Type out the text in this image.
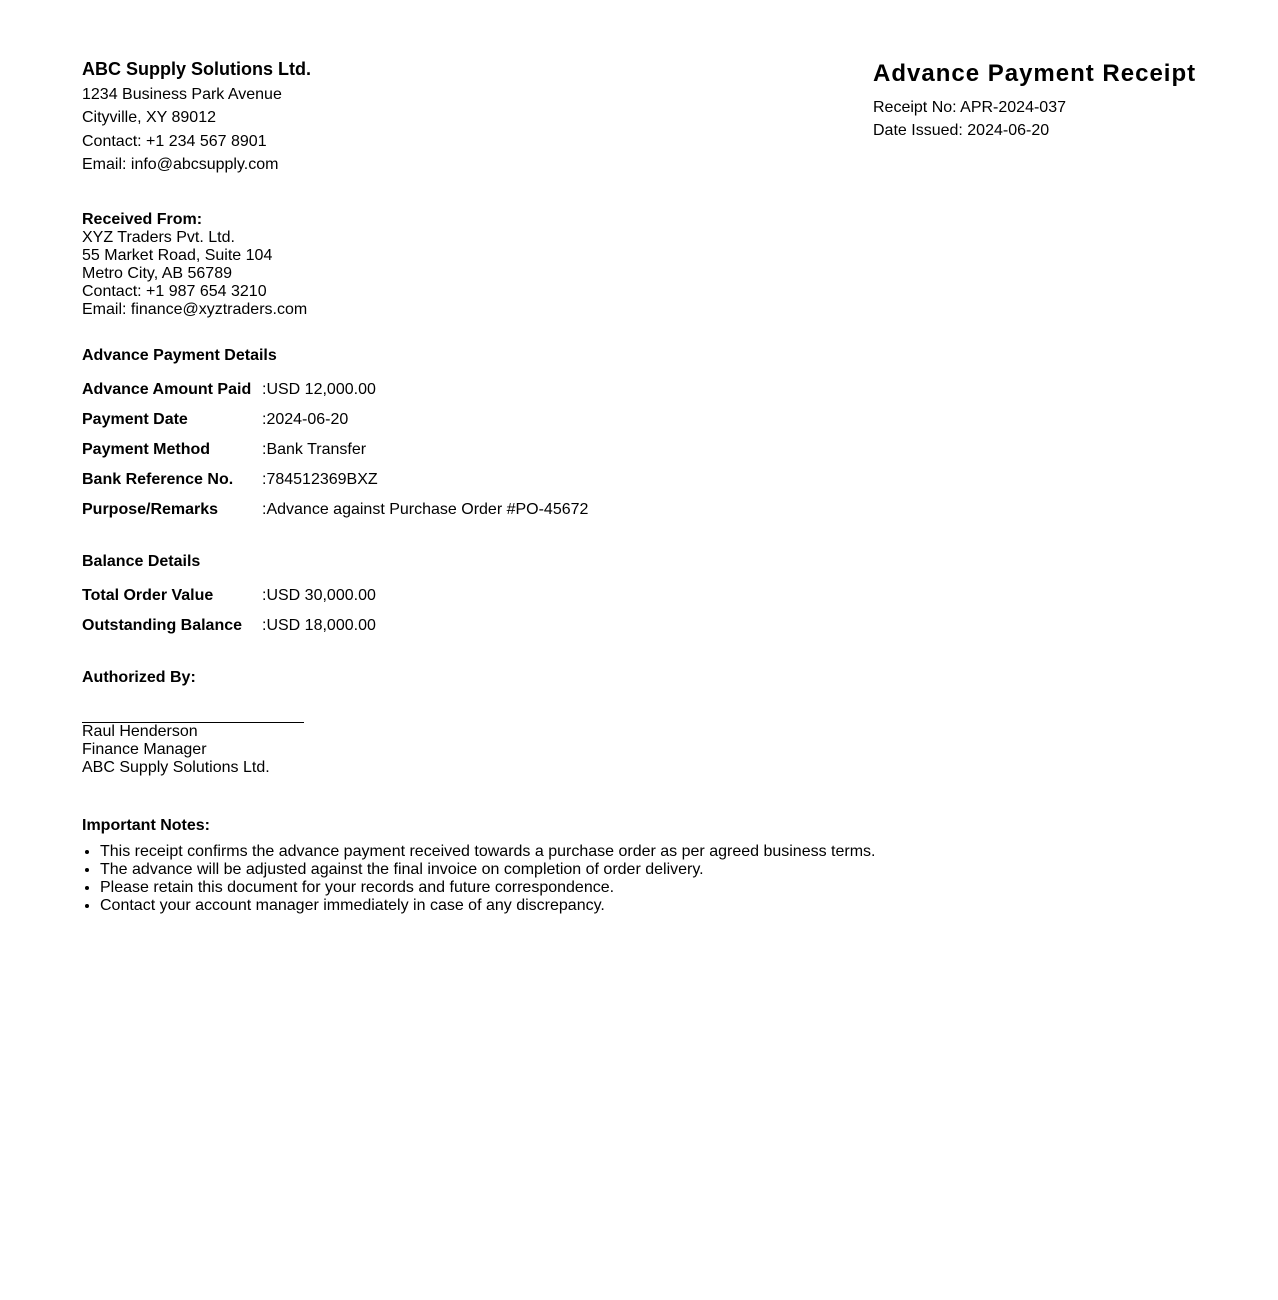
ABC Supply Solutions Ltd.
1234 Business Park Avenue
Cityville, XY 89012
Contact: +1 234 567 8901
Email: info@abcsupply.com
Advance Payment Receipt
Receipt No: APR-2024-037
Date Issued: 2024-06-20
Received From:
XYZ Traders Pvt. Ltd.
55 Market Road, Suite 104
Metro City, AB 56789
Contact: +1 987 654 3210
Email: finance@xyztraders.com
Advance Payment Details
Advance Amount Paid :USD 12,000.00
Payment Date	:2024-06-20
Payment Method	:Bank Transfer
Bank Reference No. :784512369BXZ
Purpose/Remarks	:Advance against Purchase Order #PO-45672
Balance Details
Total Order Value	:USD 30,000.00
Outstanding Balance :USD 18,000.00
Authorized By:
Raul Henderson
Finance Manager
ABC Supply Solutions Ltd.
Important Notes:
• This receipt confirms the advance payment received towards a purchase order as per agreed business terms.
• The advance will be adjusted against the final invoice on completion of order delivery.
• Please retain this document for your records and future correspondence.
• Contact your account manager immediately in case of any discrepancy.
